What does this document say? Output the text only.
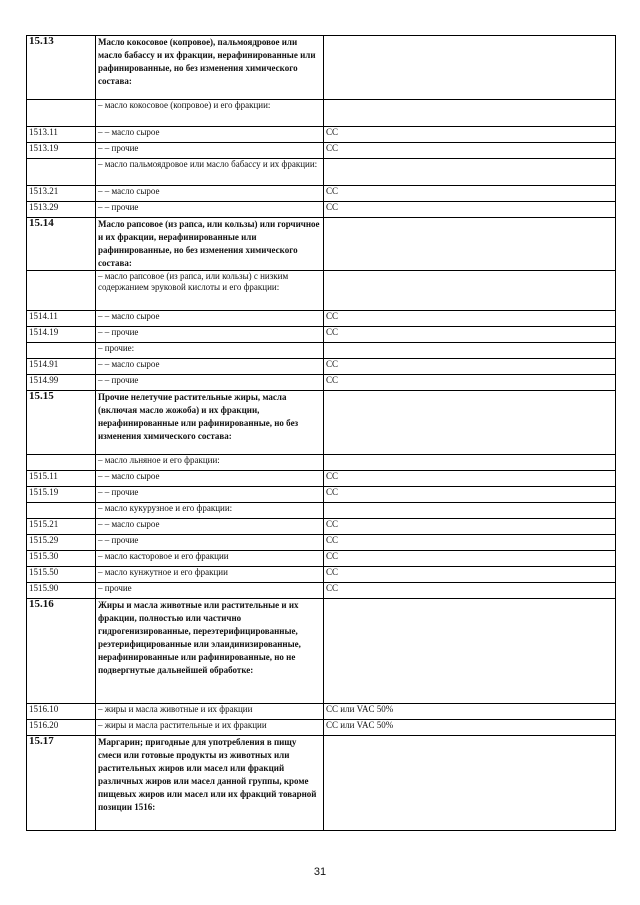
15.13	Масло кокосовое (копровое), пальмоядровое или масло бабассу и их фракции, нерафинированные или рафинированные, но без изменения химического состава:	
	– масло кокосовое (копровое) и его фракции:	
1513.11	– – масло сырое	СС
1513.19	– – прочие	СС
	– масло пальмоядровое или масло бабассу и их фракции:	
1513.21	– – масло сырое	СС
1513.29	– – прочие	СС
15.14	Масло рапсовое (из рапса, или кользы) или горчичное и их фракции, нерафинированные или рафинированные, но без изменения химического состава:	
	– масло рапсовое (из рапса, или кользы) с низким содержанием эруковой кислоты и его фракции:	
1514.11	– – масло сырое	СС
1514.19	– – прочие	СС
	– прочие:	
1514.91	– – масло сырое	СС
1514.99	– – прочие	СС
15.15	Прочие нелетучие растительные жиры, масла (включая масло жожоба) и их фракции, нерафинированные или рафинированные, но без изменения химического состава:	
	– масло льняное и его фракции:	
1515.11	– – масло сырое	СС
1515.19	– – прочие	СС
	– масло кукурузное и его фракции:	
1515.21	– – масло сырое	СС
1515.29	– – прочие	СС
1515.30	– масло касторовое и его фракции	СС
1515.50	– масло кунжутное и его фракции	СС
1515.90	– прочие	СС
15.16	Жиры и масла животные или растительные и их фракции, полностью или частично гидрогенизированные, переэтерифицированные, реэтерифицированные или элаидинизированные, нерафинированные или рафинированные, но не подвергнутые дальнейшей обработке:	
1516.10	– жиры и масла животные и их фракции	СС или VAC 50%
1516.20	– жиры и масла растительные и их фракции	СС или VAC 50%
15.17	Маргарин; пригодные для употребления в пищу смеси или готовые продукты из животных или растительных жиров или масел или фракций различных жиров или масел данной группы, кроме пищевых жиров или масел или их фракций товарной позиции 1516:	
31
